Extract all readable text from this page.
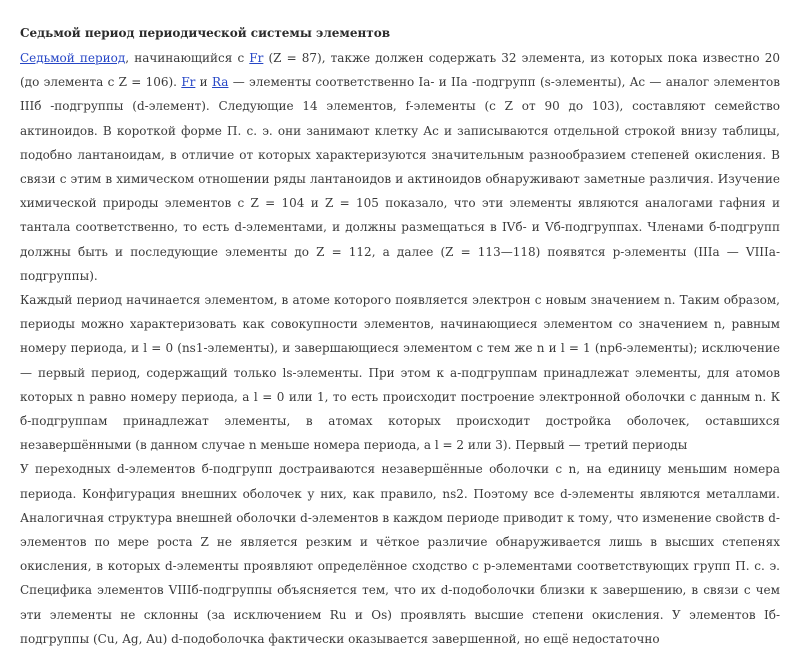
Седьмой период периодической системы элементов

Седьмой период, начинающийся с Fr (Z = 87), также должен содержать 32 элемента, из которых пока известно 20 (до элемента с Z = 106). Fr и Ra — элементы соответственно Iа- и IIа -подгрупп (s-элементы), Ac — аналог элементов IIIб -подгруппы (d-элемент). Следующие 14 элементов, f-элементы (с Z от 90 до 103), составляют семейство актиноидов. В короткой форме П. с. э. они занимают клетку Ac и записываются отдельной строкой внизу таблицы, подобно лантаноидам, в отличие от которых характеризуются значительным разнообразием степеней окисления. В связи с этим в химическом отношении ряды лантаноидов и актиноидов обнаруживают заметные различия. Изучение химической природы элементов с Z = 104 и Z = 105 показало, что эти элементы являются аналогами гафния и тантала соответственно, то есть d-элементами, и должны размещаться в IVб- и Vб-подгруппах. Членами б-подгрупп должны быть и последующие элементы до Z = 112, а далее (Z = 113—118) появятся р-элементы (IIIа — VIIIа-подгруппы).

Каждый период начинается элементом, в атоме которого появляется электрон с новым значением n. Таким образом, периоды можно характеризовать как совокупности элементов, начинающиеся элементом со значением n, равным номеру периода, и l = 0 (ns1-элементы), и завершающиеся элементом с тем же n и l = 1 (nр6-элементы); исключение — первый период, содержащий только ls-элементы. При этом к а-подгруппам принадлежат элементы, для атомов которых n равно номеру периода, а l = 0 или 1, то есть происходит построение электронной оболочки с данным n. К б-подгруппам принадлежат элементы, в атомах которых происходит достройка оболочек, оставшихся незавершёнными (в данном случае n меньше номера периода, а l = 2 или 3). Первый — третий периоды

У переходных d-элементов б-подгрупп достраиваются незавершённые оболочки с n, на единицу меньшим номера периода. Конфигурация внешних оболочек у них, как правило, ns2. Поэтому все d-элементы являются металлами. Аналогичная структура внешней оболочки d-элементов в каждом периоде приводит к тому, что изменение свойств d-элементов по мере роста Z не является резким и чёткое различие обнаруживается лишь в высших степенях окисления, в которых d-элементы проявляют определённое сходство с р-элементами соответствующих групп П. с. э. Специфика элементов VIIIб-подгруппы объясняется тем, что их d-подоболочки близки к завершению, в связи с чем эти элементы не склонны (за исключением Ru и Os) проявлять высшие степени окисления. У элементов Iб-подгруппы (Cu, Ag, Au) d-подоболочка фактически оказывается завершенной, но ещё недостаточно
